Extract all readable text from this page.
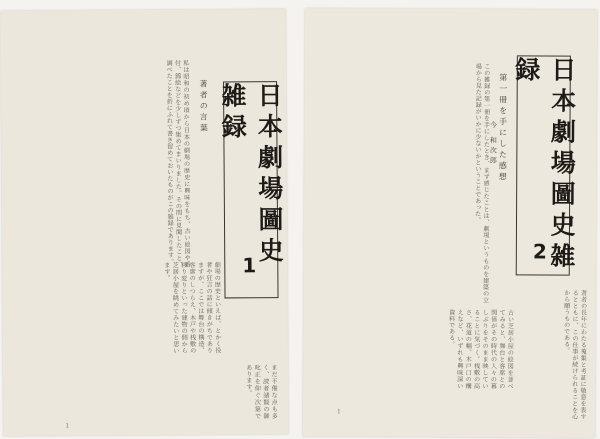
私は昭和の初め頃から日本の劇場の歴史に興味をもち、古い絵図や番付、錦絵などを少しずつ集めてまいりました。その間に見聞したこと、調べたことを折にふれて書き留めておいたものがこの雑録であります。	著者の言葉	日本劇場圖史雑録
1
劇場の歴史といえば、とかく役者や狂言の話に傾きがちでありますが、ここでは舞台の構造、客席のしつらえ、木戸や桟敷の移り変りといった建物の側から芝居小屋を眺めてみたいと思います。
まだ不備な点も多く、読者諸賢の御叱正を仰ぐ次第であります。
1
この雑録の第一冊を手にしたとき、まず感じたことは、劇場というものを建築の立場から見た記録がいかに少ないかということであった。	今 和次郎 第一冊を手にした感想	日本劇場圖史雑録
2
古い芝居小屋の絵図を並べてみると、舞台と客席との関係がその時代の人々の暮しぶりをそのまま映していることに気づく。桟敷の高さ、花道の幅、木戸口の構えなど、いずれも興味深い資料である。	著者の長年にわたる蒐集と考証に敬意を表するとともに、この仕事が続けられることを心から願うものである。
1
